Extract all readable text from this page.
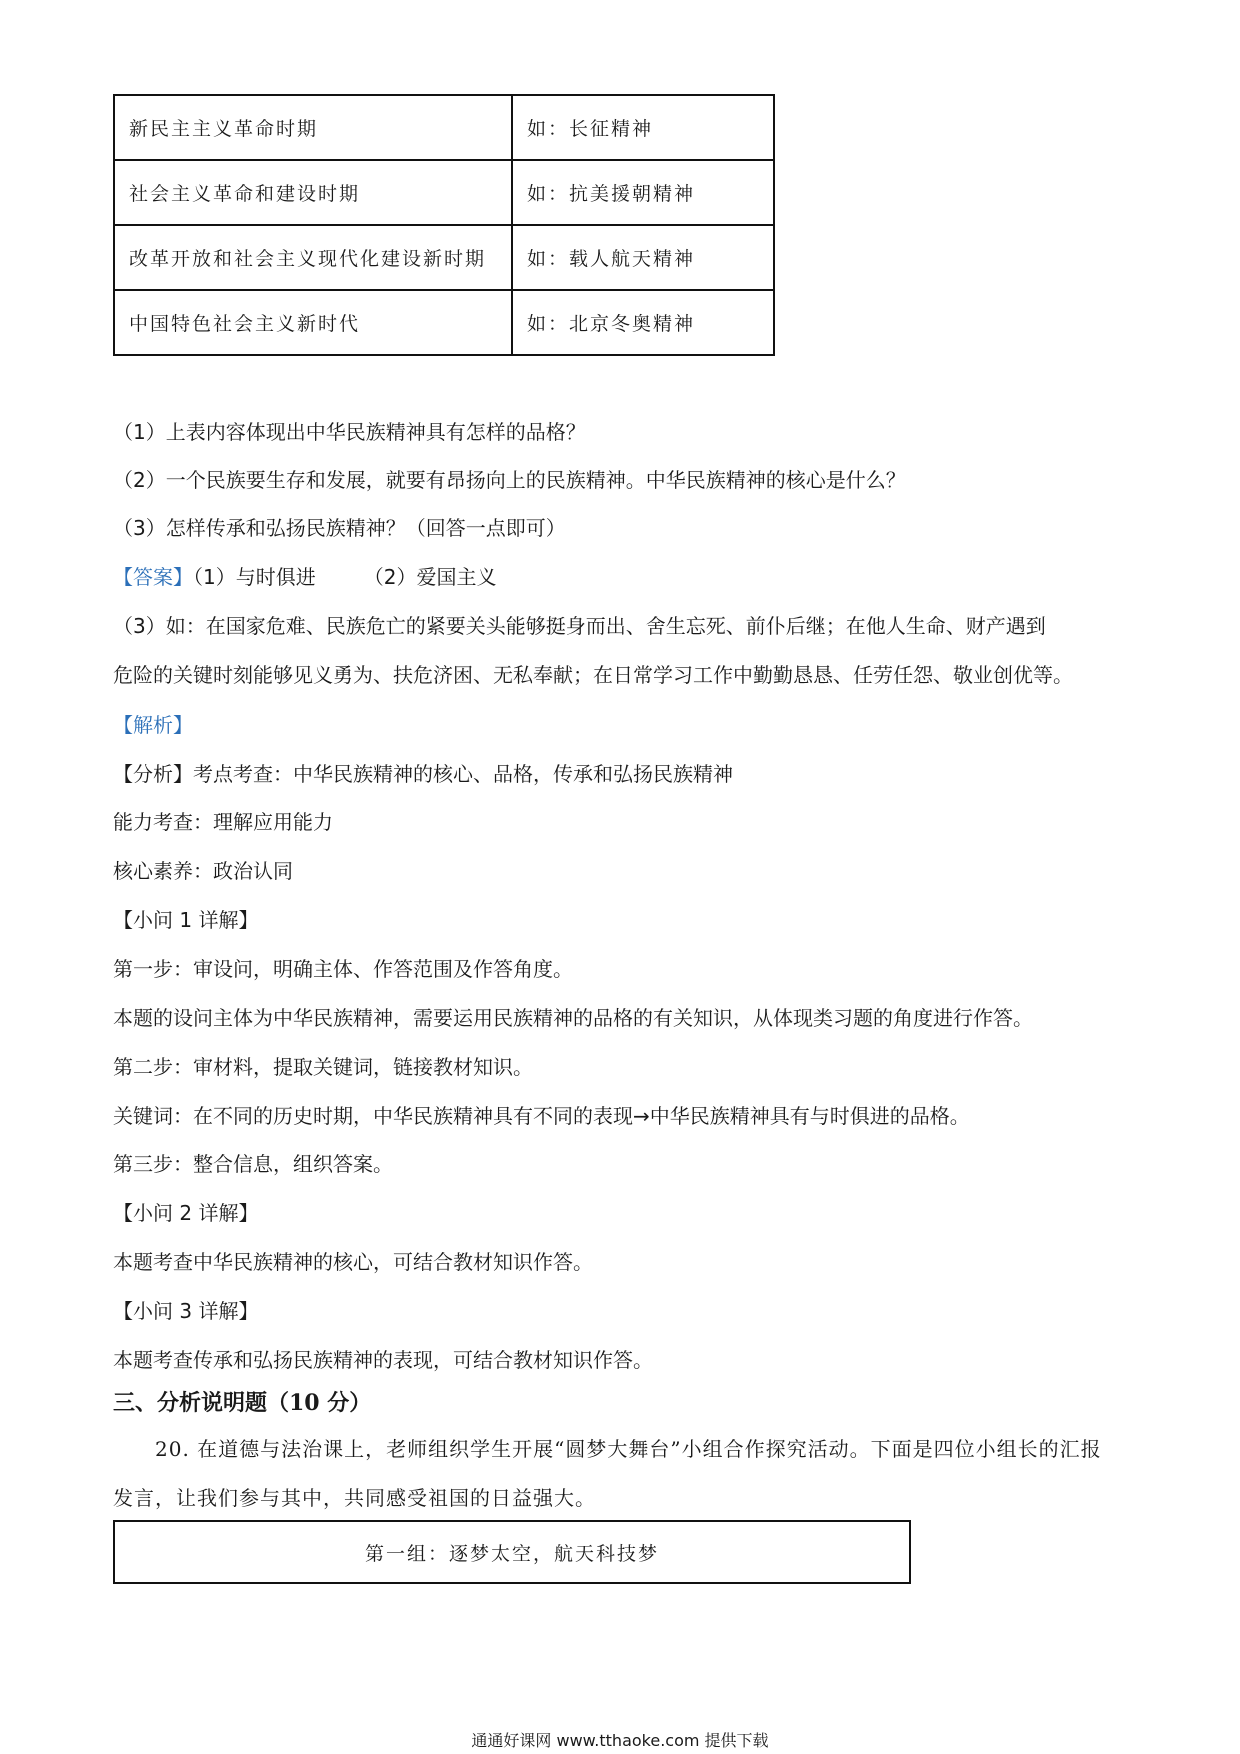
新民主主义革命时期	如：长征精神
社会主义革命和建设时期	如：抗美援朝精神
改革开放和社会主义现代化建设新时期	如：载人航天精神
中国特色社会主义新时代	如：北京冬奥精神
（1）上表内容体现出中华民族精神具有怎样的品格？
（2）一个民族要生存和发展，就要有昂扬向上的民族精神。中华民族精神的核心是什么？
（3）怎样传承和弘扬民族精神？（回答一点即可）
【答案】（1）与时俱进 （2）爱国主义
（3）如：在国家危难、民族危亡的紧要关头能够挺身而出、舍生忘死、前仆后继；在他人生命、财产遇到
危险的关键时刻能够见义勇为、扶危济困、无私奉献；在日常学习工作中勤勤恳恳、任劳任怨、敬业创优等。
【解析】
【分析】考点考查：中华民族精神的核心、品格，传承和弘扬民族精神
能力考查：理解应用能力
核心素养：政治认同
【小问 1 详解】
第一步：审设问，明确主体、作答范围及作答角度。
本题的设问主体为中华民族精神，需要运用民族精神的品格的有关知识，从体现类习题的角度进行作答。
第二步：审材料，提取关键词，链接教材知识。
关键词：在不同的历史时期，中华民族精神具有不同的表现→中华民族精神具有与时俱进的品格。
第三步：整合信息，组织答案。
【小问 2 详解】
本题考查中华民族精神的核心，可结合教材知识作答。
【小问 3 详解】
本题考查传承和弘扬民族精神的表现，可结合教材知识作答。
三、分析说明题（10 分）
20. 在道德与法治课上，老师组织学生开展“圆梦大舞台”小组合作探究活动。下面是四位小组长的汇报
发言，让我们参与其中，共同感受祖国的日益强大。
第一组：逐梦太空，航天科技梦
通通好课网 www.tthaoke.com 提供下载
